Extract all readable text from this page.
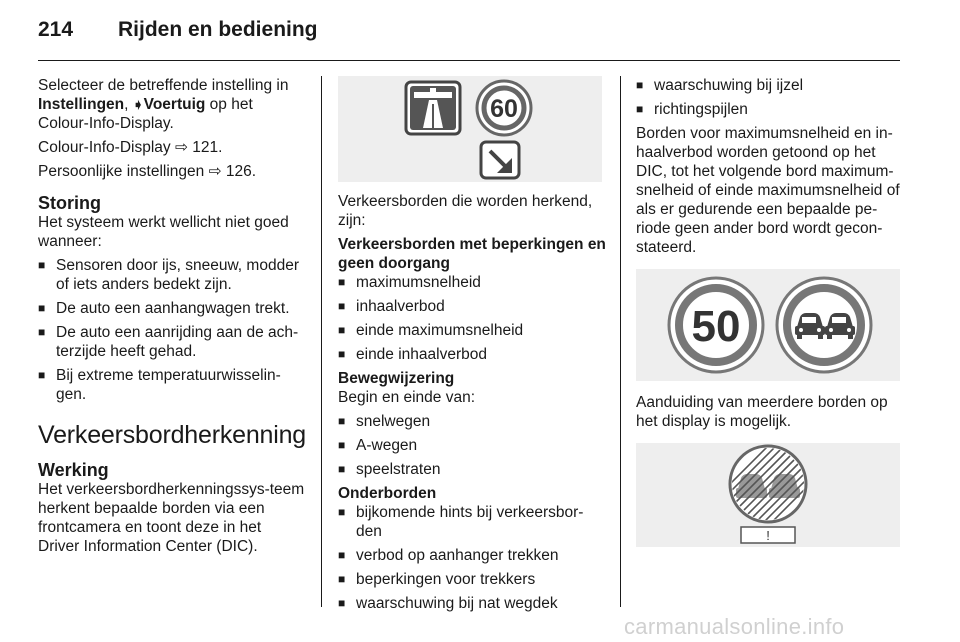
214 Rijden en bediening
Selecteer de betreffende instelling in Instellingen, ➧Voertuig op het Colour-Info-Display.
Colour-Info-Display ⇨ 121.
Persoonlijke instellingen ⇨ 126.
Storing
Het systeem werkt wellicht niet goed wanneer:
■ Sensoren door ijs, sneeuw, modder of iets anders bedekt zijn.
■ De auto een aanhangwagen trekt.
■ De auto een aanrijding aan de ach-terzijde heeft gehad.
■ Bij extreme temperatuurwisselin-gen.
Verkeersbordherkenning
Werking
Het verkeersbordherkenningssys-teem herkent bepaalde borden via een frontcamera en toont deze in het Driver Information Center (DIC).
60
Verkeersborden die worden herkend, zijn:
Verkeersborden met beperkingen en geen doorgang
■ maximumsnelheid
■ inhaalverbod
■ einde maximumsnelheid
■ einde inhaalverbod
Bewegwijzering
Begin en einde van:
■ snelwegen
■ A-wegen
■ speelstraten
Onderborden
■ bijkomende hints bij verkeersbor-den
■ verbod op aanhanger trekken
■ beperkingen voor trekkers
■ waarschuwing bij nat wegdek
■ waarschuwing bij ijzel
■ richtingspijlen
Borden voor maximumsnelheid en in-haalverbod worden getoond op het DIC, tot het volgende bord maximum-snelheid of einde maximumsnelheid of als er gedurende een bepaalde pe-riode geen ander bord wordt gecon-stateerd.
50
Aanduiding van meerdere borden op het display is mogelijk.
!
carmanualsonline.info
